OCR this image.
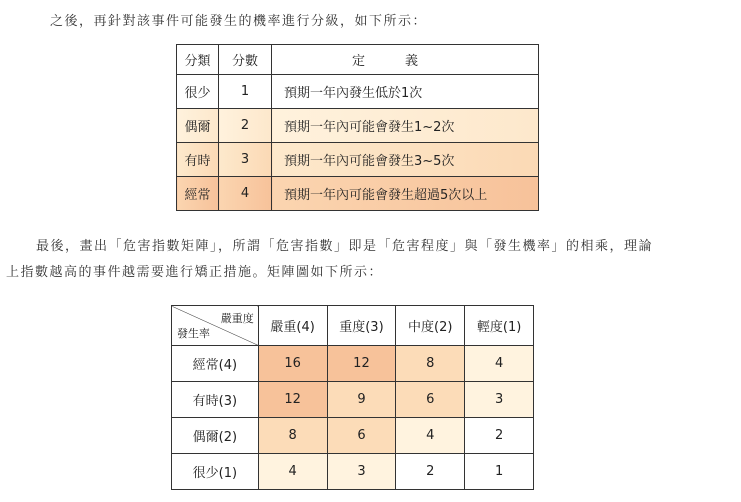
之後，再針對該事件可能發生的機率進行分級，如下所示：
分類	分數	定義
很少	1	預期一年內發生低於1次
偶爾	2	預期一年內可能會發生1~2次
有時	3	預期一年內可能會發生3~5次
經常	4	預期一年內可能會發生超過5次以上
最後，畫出「危害指數矩陣」，所謂「危害指數」即是「危害程度」與「發生機率」的相乘，理論
上指數越高的事件越需要進行矯正措施。矩陣圖如下所示：
嚴重度
發生率	嚴重(4)	重度(3)	中度(2)	輕度(1)
經常(4)	16	12	8	4
有時(3)	12	9	6	3
偶爾(2)	8	6	4	2
很少(1)	4	3	2	1
